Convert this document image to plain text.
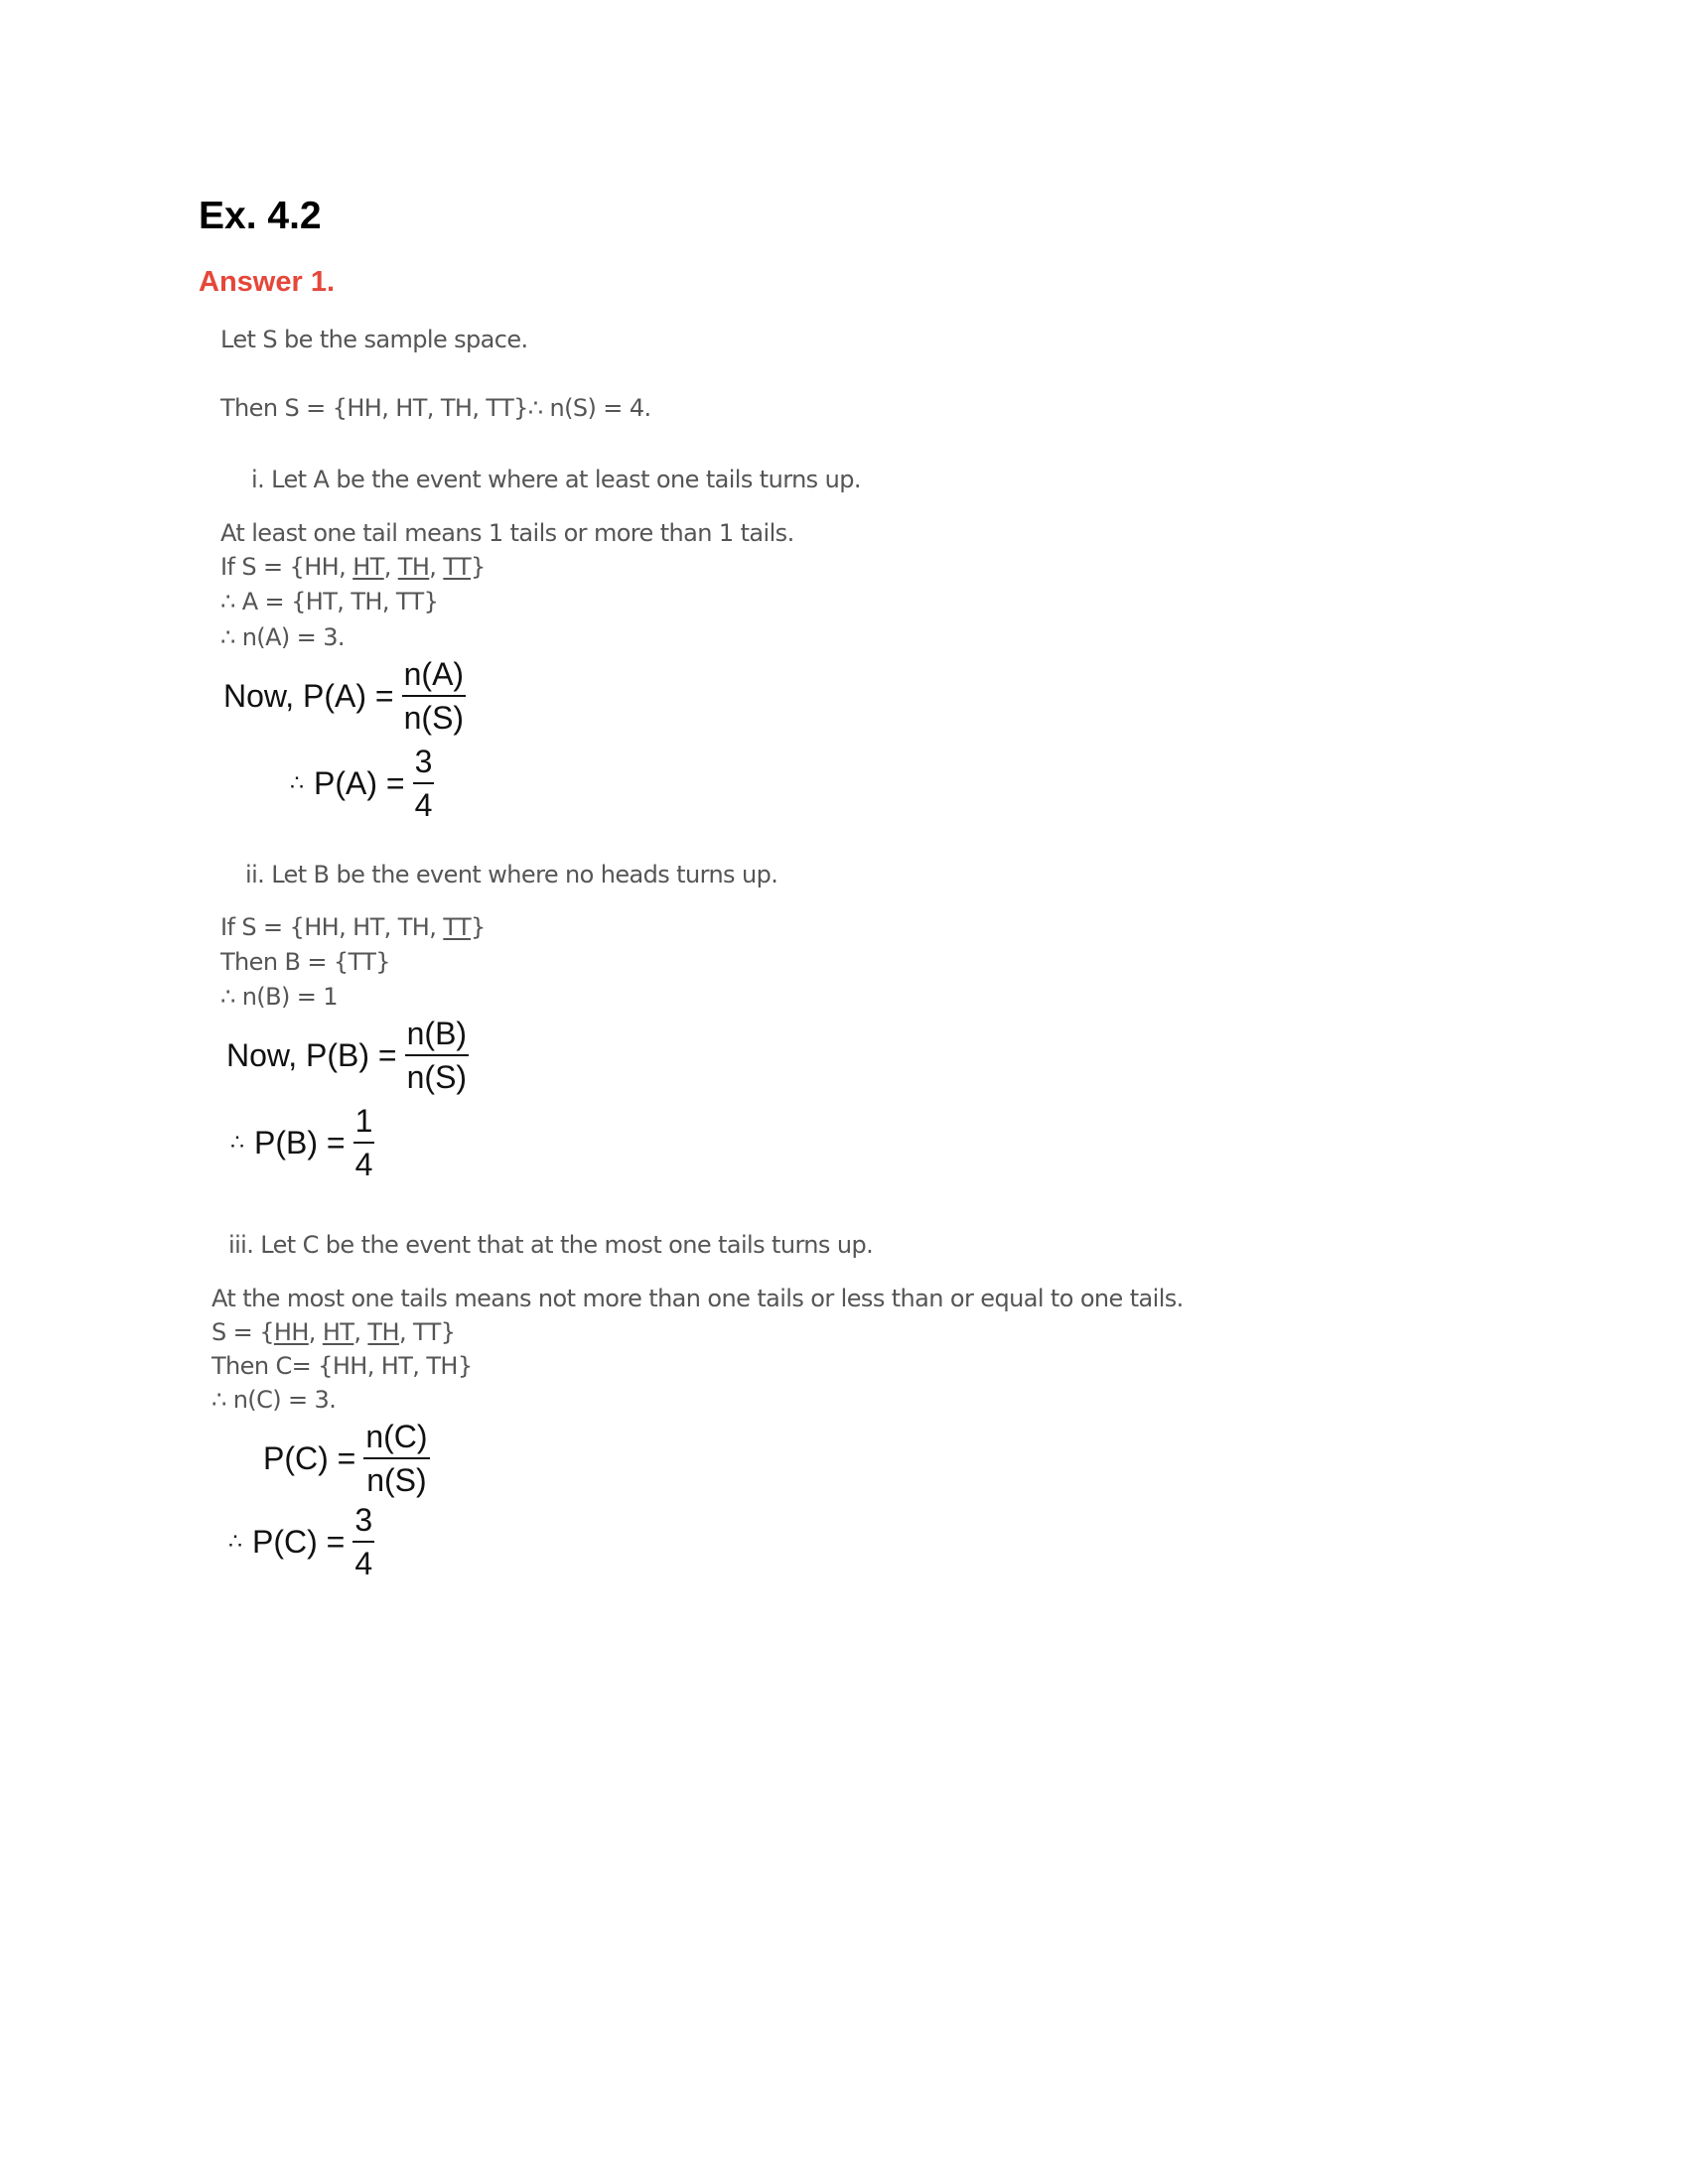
Ex. 4.2
Answer 1.
Let S be the sample space.
Then S = {HH, HT, TH, TT}∴ n(S) = 4.
i. Let A be the event where at least one tails turns up.
At least one tail means 1 tails or more than 1 tails.
If S = {HH, HT, TH, TT}
∴ A = {HT, TH, TT}
∴ n(A) = 3.
Now, $P(A) = \frac{n(A)}{n(S)}$
∴ $P(A) = \frac{3}{4}$
ii. Let B be the event where no heads turns up.
If S = {HH, HT, TH, TT}
Then B = {TT}
∴ n(B) = 1
Now, $P(B) = \frac{n(B)}{n(S)}$
∴ $P(B) = \frac{1}{4}$
iii. Let C be the event that at the most one tails turns up.
At the most one tails means not more than one tails or less than or equal to one tails.
S = {HH, HT, TH, TT}
Then C= {HH, HT, TH}
∴ n(C) = 3.
$P(C) = \frac{n(C)}{n(S)}$
∴ $P(C) = \frac{3}{4}$
